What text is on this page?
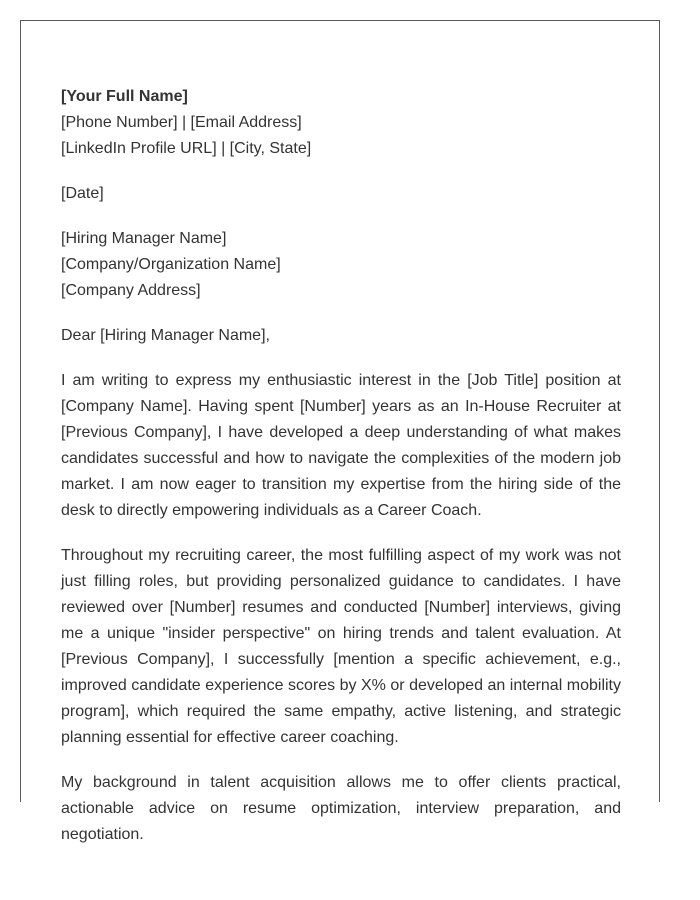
[Your Full Name]

[Phone Number] | [Email Address]

[LinkedIn Profile URL] | [City, State]

[Date]

[Hiring Manager Name]

[Company/Organization Name]

[Company Address]

Dear [Hiring Manager Name],

I am writing to express my enthusiastic interest in the [Job Title] position at [Company Name]. Having spent [Number] years as an In-House Recruiter at [Previous Company], I have developed a deep understanding of what makes candidates successful and how to navigate the complexities of the modern job market. I am now eager to transition my expertise from the hiring side of the desk to directly empowering individuals as a Career Coach.

Throughout my recruiting career, the most fulfilling aspect of my work was not just filling roles, but providing personalized guidance to candidates. I have reviewed over [Number] resumes and conducted [Number] interviews, giving me a unique "insider perspective" on hiring trends and talent evaluation. At [Previous Company], I successfully [mention a specific achievement, e.g., improved candidate experience scores by X% or developed an internal mobility program], which required the same empathy, active listening, and strategic planning essential for effective career coaching.

My background in talent acquisition allows me to offer clients practical, actionable advice on resume optimization, interview preparation, and negotiation.
